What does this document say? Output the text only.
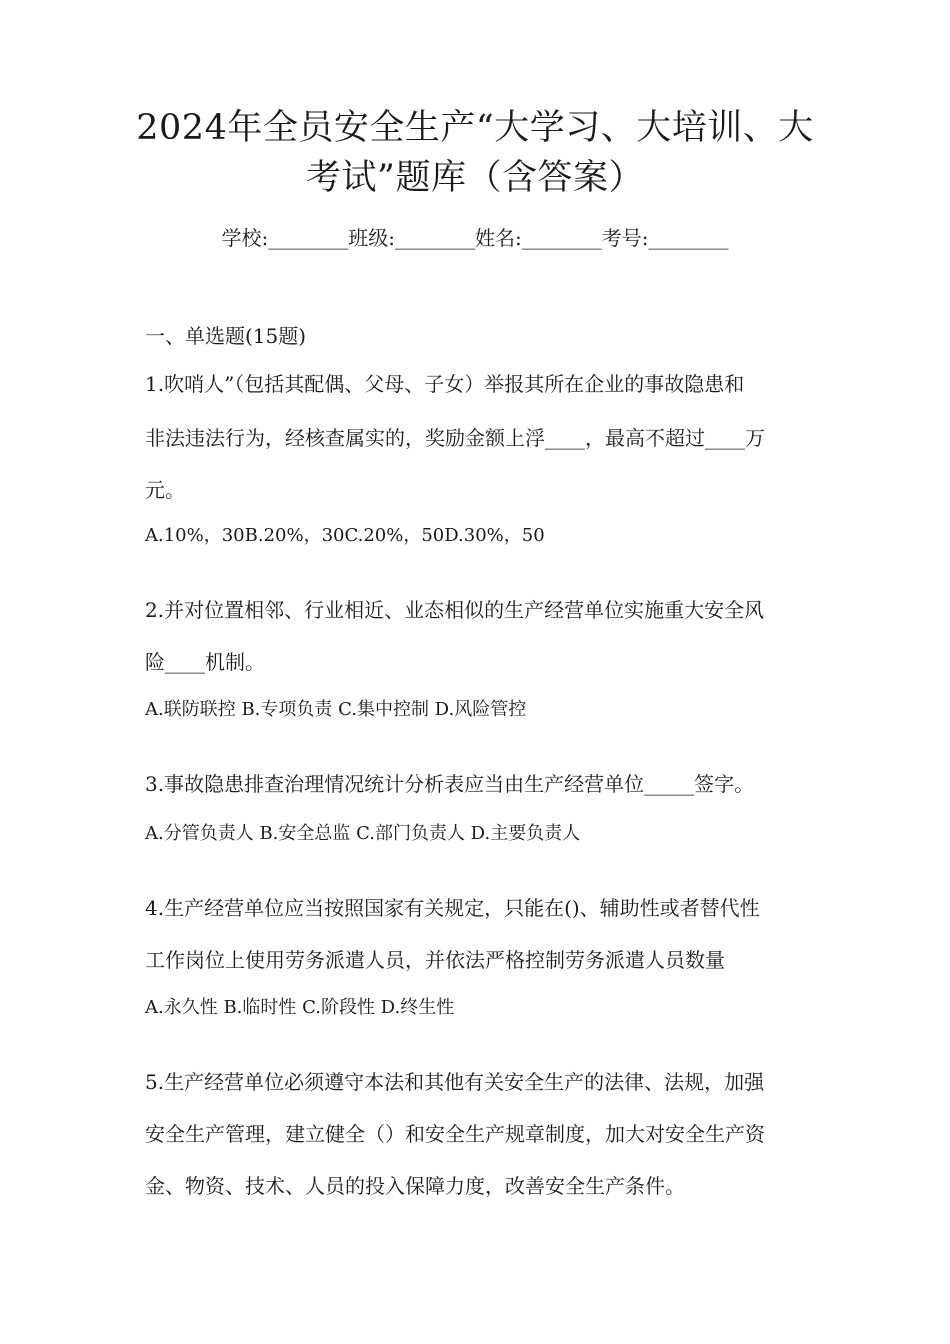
2024年全员安全生产“大学习、大培训、大
考试”题库（含答案）
学校:________班级:________姓名:________考号:________
一、单选题(15题)
1.吹哨人”（包括其配偶、父母、子女）举报其所在企业的事故隐患和
非法违法行为，经核查属实的，奖励金额上浮____，最高不超过____万
元。
A.10%，30B.20%，30C.20%，50D.30%，50
2.并对位置相邻、行业相近、业态相似的生产经营单位实施重大安全风
险____机制。
A.联防联控 B.专项负责 C.集中控制 D.风险管控
3.事故隐患排查治理情况统计分析表应当由生产经营单位_____签字。
A.分管负责人 B.安全总监 C.部门负责人 D.主要负责人
4.生产经营单位应当按照国家有关规定，只能在()、辅助性或者替代性
工作岗位上使用劳务派遣人员，并依法严格控制劳务派遣人员数量
A.永久性 B.临时性 C.阶段性 D.终生性
5.生产经营单位必须遵守本法和其他有关安全生产的法律、法规，加强
安全生产管理，建立健全（）和安全生产规章制度，加大对安全生产资
金、物资、技术、人员的投入保障力度，改善安全生产条件。
